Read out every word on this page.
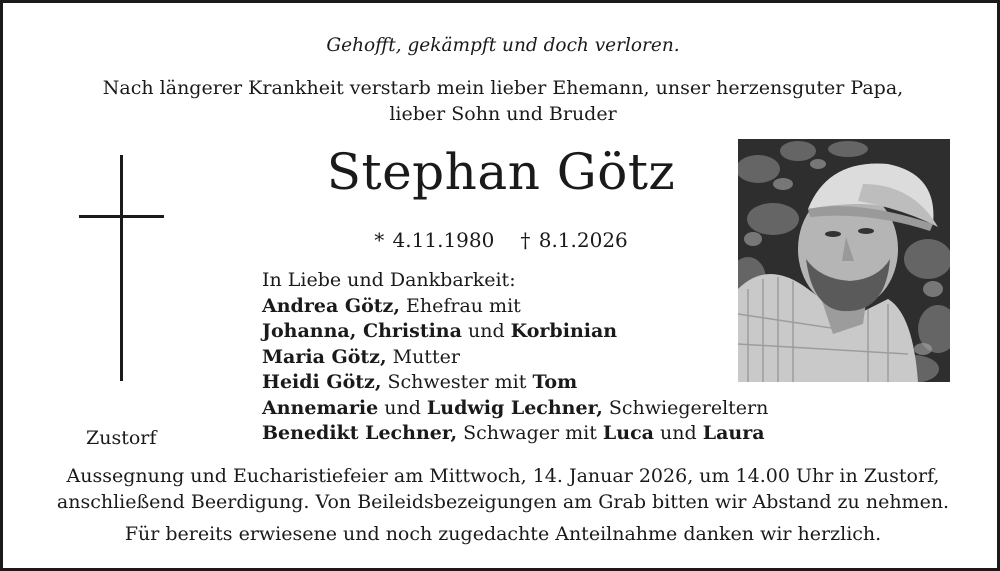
Gehofft, gekämpft und doch verloren.
Nach längerer Krankheit verstarb mein lieber Ehemann, unser herzensguter Papa,
lieber Sohn und Bruder
Stephan Götz
* 4.11.1980 † 8.1.2026
In Liebe und Dankbarkeit:
Andrea Götz, Ehefrau mit
Johanna, Christina und Korbinian
Maria Götz, Mutter
Heidi Götz, Schwester mit Tom
Annemarie und Ludwig Lechner, Schwiegereltern
Benedikt Lechner, Schwager mit Luca und Laura
Zustorf
Aussegnung und Eucharistiefeier am Mittwoch, 14. Januar 2026, um 14.00 Uhr in Zustorf,
anschließend Beerdigung. Von Beileidsbezeigungen am Grab bitten wir Abstand zu nehmen.
Für bereits erwiesene und noch zugedachte Anteilnahme danken wir herzlich.
